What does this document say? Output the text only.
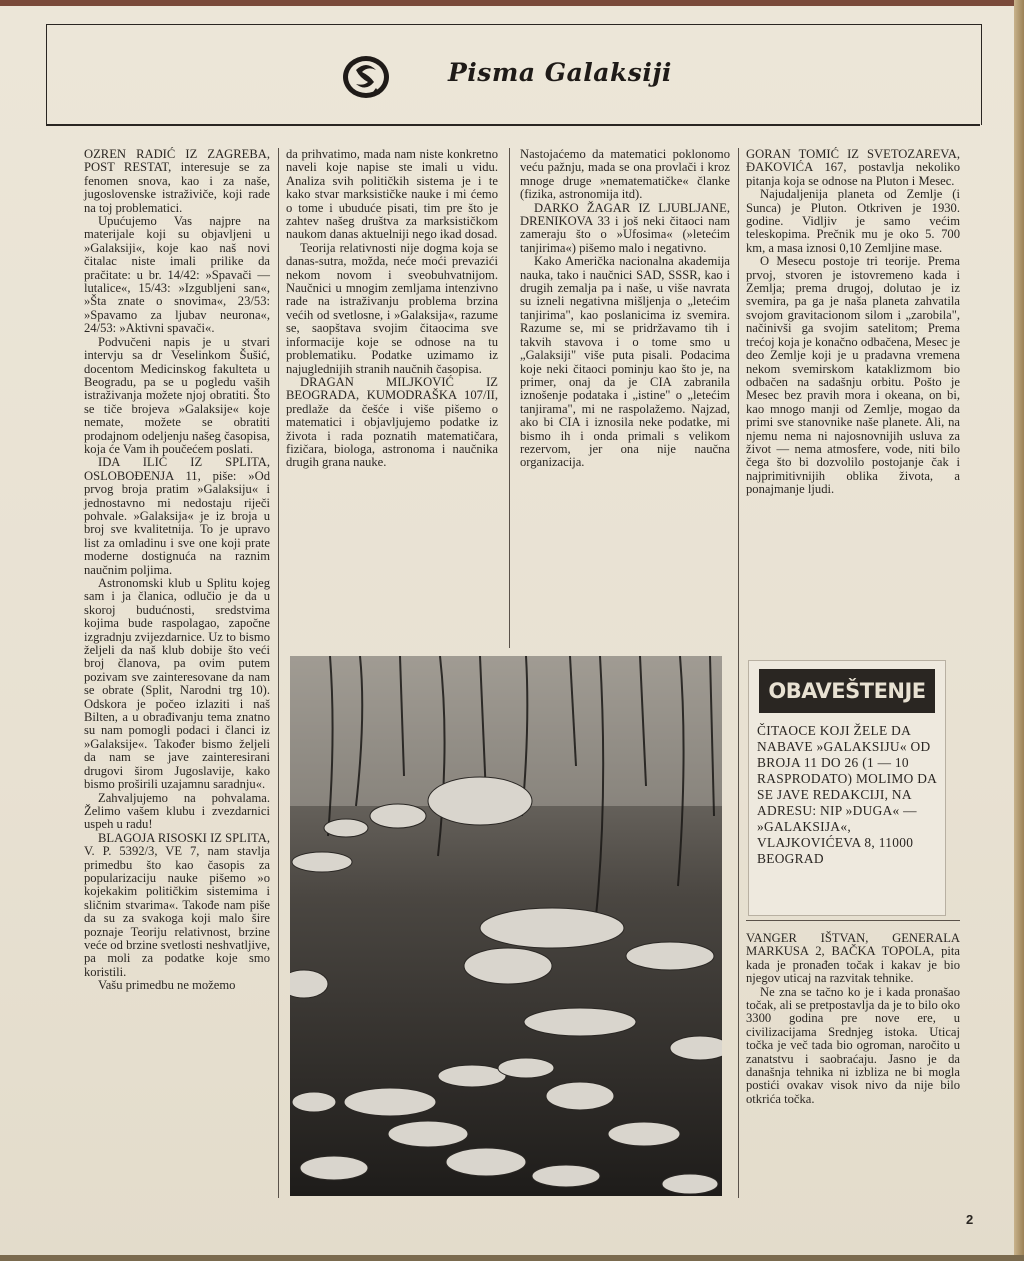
Pisma Galaksiji

OZREN RADIĆ IZ ZAGREBA, POST RESTAT, interesuje se za fenomen snova, kao i za naše, jugoslovenske istraživiče, koji rade na toj problematici.

Upućujemo Vas najpre na materijale koji su objavljeni u »Galaksiji«, koje kao naš novi čitalac niste imali prilike da pračitate: u br. 14/42: »Spavači — lutalice«, 15/43: »Izgubljeni san«, »Šta znate o snovima«, 23/53: »Spavamo za ljubav neurona«, 24/53: »Aktivni spavači«.

Podvučeni napis je u stvari intervju sa dr Veselinkom Šušić, docentom Medicinskog fakulteta u Beogradu, pa se u pogledu vaših istraživanja možete njoj obratiti. Što se tiče brojeva »Galaksije« koje nemate, možete se obratiti prodajnom odeljenju našeg časopisa, koja će Vam ih poučećem poslati.

IDA ILIĆ IZ SPLITA, OSLOBOĐENJA 11, piše: »Od prvog broja pratim »Galaksiju« i jednostavno mi nedostaju riječi pohvale. »Galaksija« je iz broja u broj sve kvalitetnija. To je upravo list za omladinu i sve one koji prate moderne dostignuća na raznim naučnim poljima.

Astronomski klub u Splitu kojeg sam i ja članica, odlučio je da u skoroj budućnosti, sredstvima kojima bude raspolagao, započne izgradnju zvijezdarnice. Uz to bismo željeli da naš klub dobije što veći broj članova, pa ovim putem pozivam sve zainteresovane da nam se obrate (Split, Narodni trg 10). Odskora je počeo izlaziti i naš Bilten, a u obrađivanju tema znatno su nam pomogli podaci i članci iz »Galaksije«. Također bismo željeli da nam se jave zainteresirani drugovi širom Jugoslavije, kako bismo proširili uzajamnu saradnju«.

Zahvaljujemo na pohvalama. Želimo vašem klubu i zvezdarnici uspeh u radu!

BLAGOJA RISOSKI IZ SPLITA, V. P. 5392/3, VE 7, nam stavlja primedbu što kao časopis za popularizaciju nauke pišemo »o kojekakim političkim sistemima i sličnim stvarima«. Takođe nam piše da su za svakoga koji malo šire poznaje Teoriju relativnost, brzine veće od brzine svetlosti neshvatljive, pa moli za podatke koje smo koristili.

Vašu primedbu ne možemo

da prihvatimo, mada nam niste konkretno naveli koje napise ste imali u vidu. Analiza svih političkih sistema je i te kako stvar marksističke nauke i mi ćemo o tome i ubuduće pisati, tim pre što je zahtev našeg društva za marksističkom naukom danas aktuelniji nego ikad dosad.

Teorija relativnosti nije dogma koja se danas-sutra, možda, neće moći prevazići nekom novom i sveobuhvatnijom. Naučnici u mnogim zemljama intenzivno rade na istraživanju problema brzina većih od svetlosne, i »Galaksija«, razume se, saopštava svojim čitaocima sve informacije koje se odnose na tu problematiku. Podatke uzimamo iz najuglednijih stranih naučnih časopisa.

DRAGAN MILJKOVIĆ IZ BEOGRADA, KUMODRAŠKA 107/II, predlaže da češće i više pišemo o matematici i objavljujemo podatke iz života i rada poznatih matematičara, fizičara, biologa, astronoma i naučnika drugih grana nauke.

Nastojaćemo da matematici poklonomo veću pažnju, mada se ona provlači i kroz mnoge druge »nematematičke« članke (fizika, astronomija itd).

DARKO ŽAGAR IZ LJUBLJANE, DRENIKOVA 33 i još neki čitaoci nam zameraju što o »Ufosima« (»letećim tanjirima«) pišemo malo i negativno.

Kako Američka nacionalna akademija nauka, tako i naučnici SAD, SSSR, kao i drugih zemalja pa i naše, u više navrata su izneli negativna mišljenja o „letećim tanjirima", kao poslanicima iz svemira. Razume se, mi se pridržavamo tih i takvih stavova i o tome smo u „Galaksiji" više puta pisali. Podacima koje neki čitaoci pominju kao što je, na primer, onaj da je CIA zabranila iznošenje podataka i „istine" o „letećim tanjirama", mi ne raspolažemo. Najzad, ako bi CIA i iznosila neke podatke, mi bismo ih i onda primali s velikom rezervom, jer ona nije naučna organizacija.

GORAN TOMIĆ IZ SVETOZAREVA, ĐAKOVIĆA 167, postavlja nekoliko pitanja koja se odnose na Pluton i Mesec.

Najudaljenija planeta od Zemlje (i Sunca) je Pluton. Otkriven je 1930. godine. Vidljiv je samo većim teleskopima. Prečnik mu je oko 5. 700 km, a masa iznosi 0,10 Zemljine mase.

O Mesecu postoje tri teorije. Prema prvoj, stvoren je istovremeno kada i Zemlja; prema drugoj, dolutao je iz svemira, pa ga je naša planeta zahvatila svojom gravitacionom silom i „zarobila", načinivši ga svojim satelitom; Prema trećoj koja je konačno odbačena, Mesec je deo Zemlje koji je u pradavna vremena nekom svemirskom kataklizmom bio odbačen na sadašnju orbitu. Pošto je Mesec bez pravih mora i okeana, on bi, kao mnogo manji od Zemlje, mogao da primi sve stanovnike naše planete. Ali, na njemu nema ni najosnovnijih usluva za život — nema atmosfere, vode, niti bilo čega što bi dozvolilo postojanje čak i najprimitivnijih oblika života, a ponajmanje ljudi.

OBAVEŠTENJE
ČITAOCE KOJI ŽELE DA NABAVE »GALAKSIJU« OD BROJA 11 DO 26 (1 — 10 RASPRODATO) MOLIMO DA SE JAVE REDAKCIJI, NA ADRESU: NIP »DUGA« — »GALAKSIJA«, VLAJKOVIĆEVA 8, 11000 BEOGRAD

VANGER IŠTVAN, GENERALA MARKUSA 2, BAČKA TOPOLA, pita kada je pronađen točak i kakav je bio njegov uticaj na razvitak tehnike.

Ne zna se tačno ko je i kada pronašao točak, ali se pretpostavlja da je to bilo oko 3300 godina pre nove ere, u civilizacijama Srednjeg istoka. Uticaj točka je več tada bio ogroman, naročito u zanatstvu i saobraćaju. Jasno je da današnja tehnika ni izbliza ne bi mogla postići ovakav visok nivo da nije bilo otkrića točka.

2
